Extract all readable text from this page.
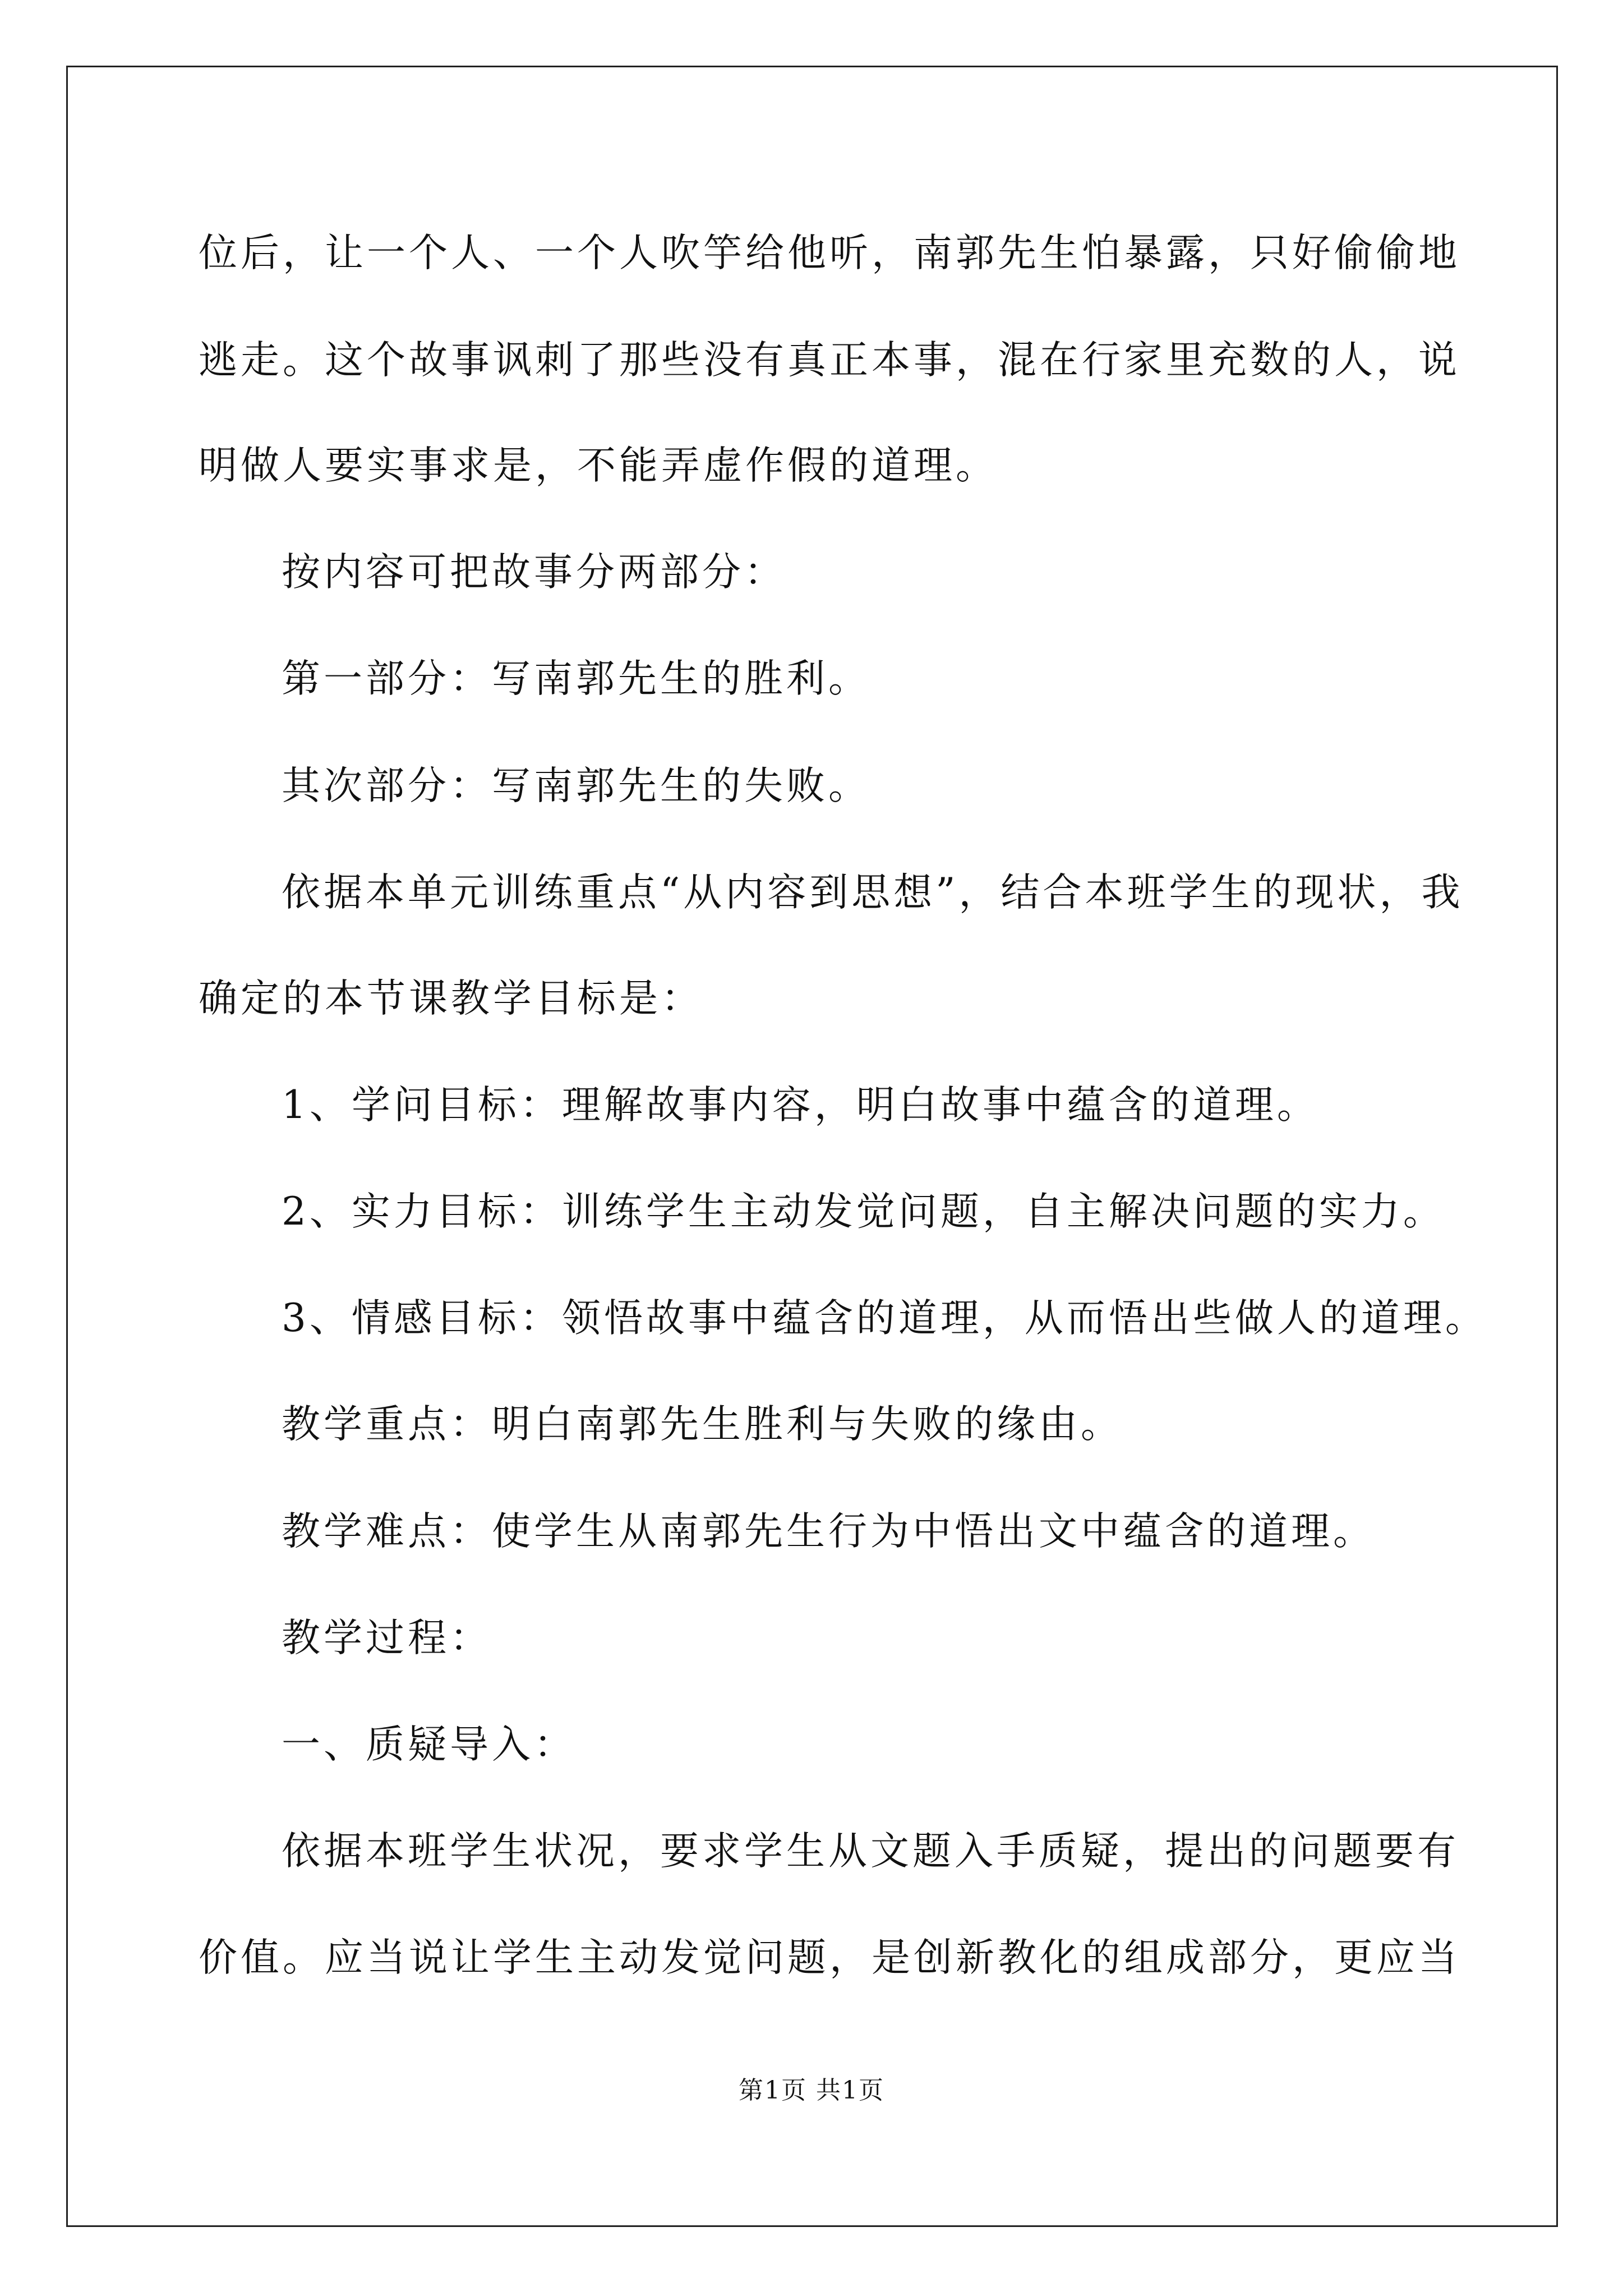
位后，让一个人、一个人吹竽给他听，南郭先生怕暴露，只好偷偷地
逃走。这个故事讽刺了那些没有真正本事，混在行家里充数的人，说
明做人要实事求是，不能弄虚作假的道理。
按内容可把故事分两部分：
第一部分：写南郭先生的胜利。
其次部分：写南郭先生的失败。
依据本单元训练重点“从内容到思想”，结合本班学生的现状，我
确定的本节课教学目标是：
1、学问目标：理解故事内容，明白故事中蕴含的道理。
2、实力目标：训练学生主动发觉问题，自主解决问题的实力。
3、情感目标：领悟故事中蕴含的道理，从而悟出些做人的道理。
教学重点：明白南郭先生胜利与失败的缘由。
教学难点：使学生从南郭先生行为中悟出文中蕴含的道理。
教学过程：
一、质疑导入：
依据本班学生状况，要求学生从文题入手质疑，提出的问题要有
价值。应当说让学生主动发觉问题，是创新教化的组成部分，更应当
第1页 共1页
